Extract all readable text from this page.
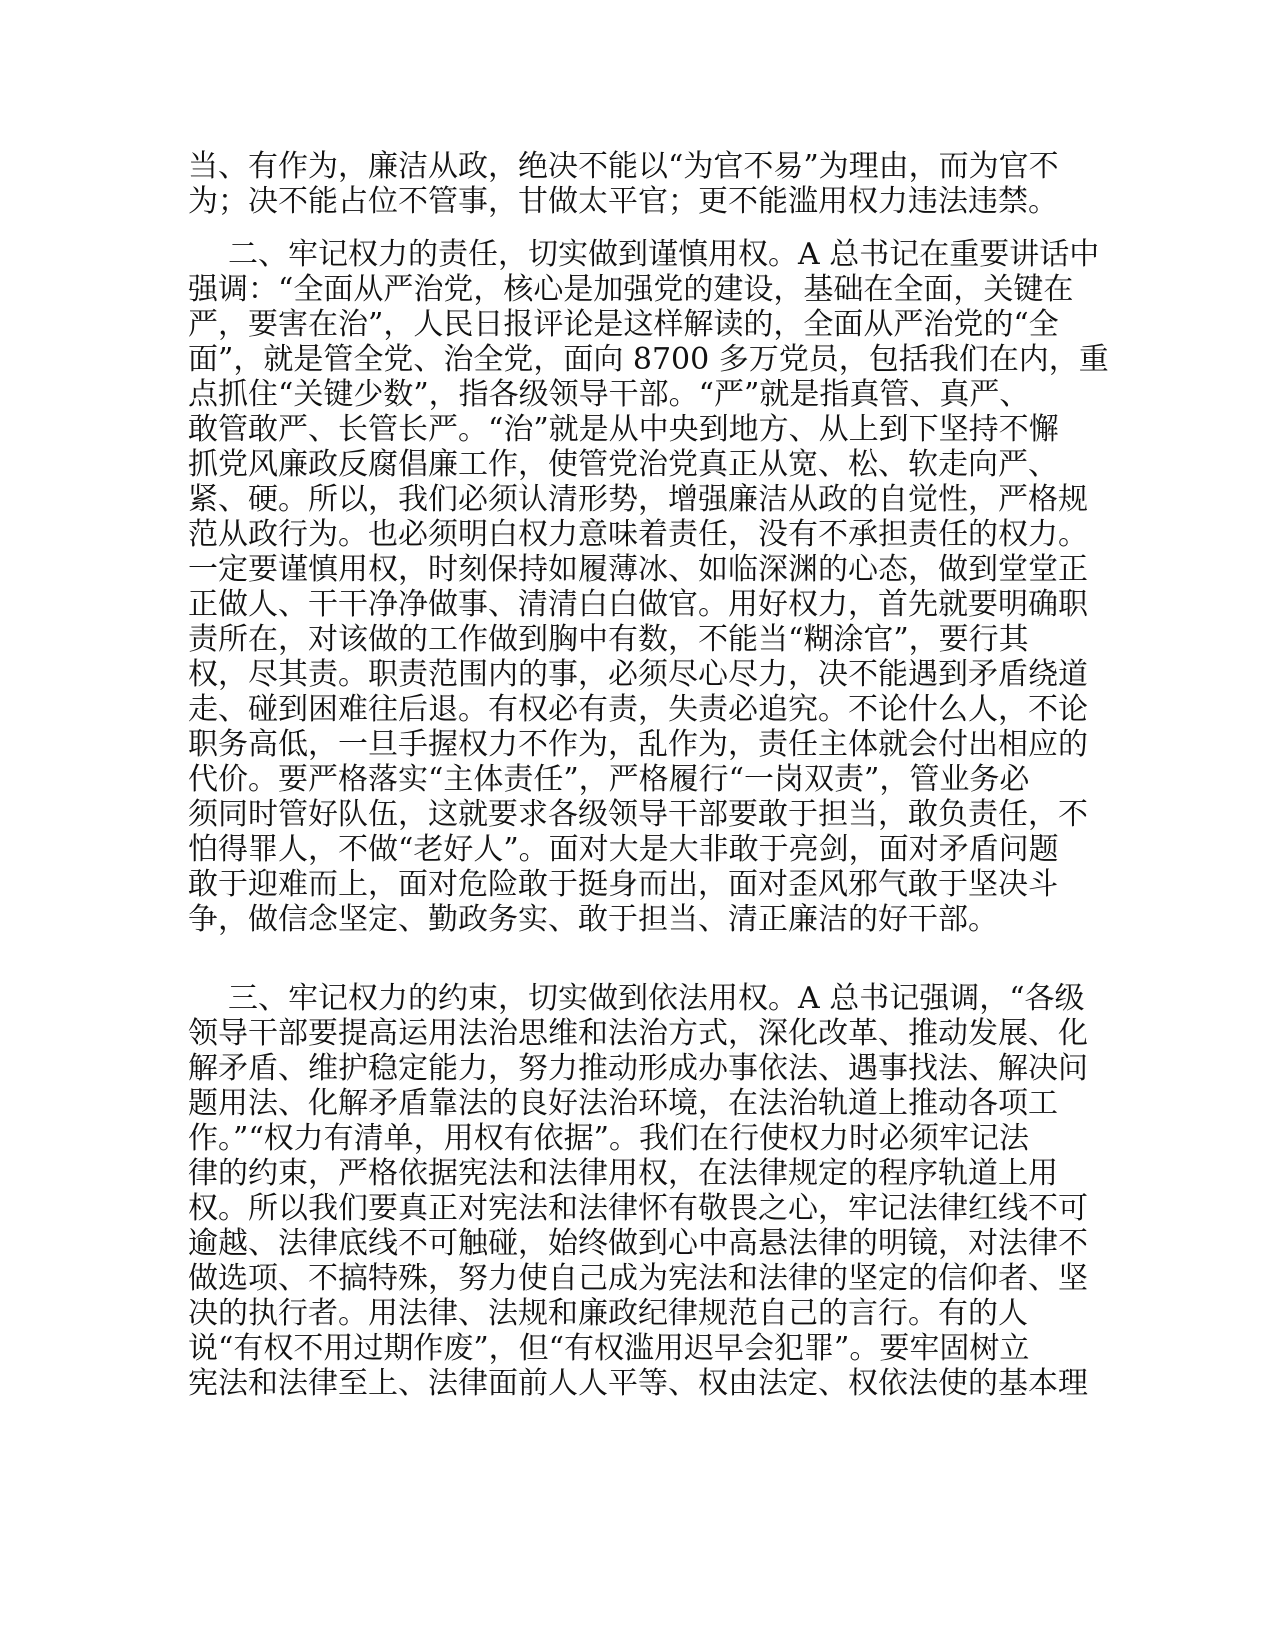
当、有作为，廉洁从政，绝决不能以“为官不易”为理由，而为官不
为；决不能占位不管事，甘做太平官；更不能滥用权力违法违禁。
二、牢记权力的责任，切实做到谨慎用权。A 总书记在重要讲话中
强调：“全面从严治党，核心是加强党的建设，基础在全面，关键在
严，要害在治”，人民日报评论是这样解读的，全面从严治党的“全
面”，就是管全党、治全党，面向 8700 多万党员，包括我们在内，重
点抓住“关键少数”，指各级领导干部。“严”就是指真管、真严、
敢管敢严、长管长严。“治”就是从中央到地方、从上到下坚持不懈
抓党风廉政反腐倡廉工作，使管党治党真正从宽、松、软走向严、
紧、硬。所以，我们必须认清形势，增强廉洁从政的自觉性，严格规
范从政行为。也必须明白权力意味着责任，没有不承担责任的权力。
一定要谨慎用权，时刻保持如履薄冰、如临深渊的心态，做到堂堂正
正做人、干干净净做事、清清白白做官。用好权力，首先就要明确职
责所在，对该做的工作做到胸中有数，不能当“糊涂官”，要行其
权，尽其责。职责范围内的事，必须尽心尽力，决不能遇到矛盾绕道
走、碰到困难往后退。有权必有责，失责必追究。不论什么人，不论
职务高低，一旦手握权力不作为，乱作为，责任主体就会付出相应的
代价。要严格落实“主体责任”，严格履行“一岗双责”，管业务必
须同时管好队伍，这就要求各级领导干部要敢于担当，敢负责任，不
怕得罪人，不做“老好人”。面对大是大非敢于亮剑，面对矛盾问题
敢于迎难而上，面对危险敢于挺身而出，面对歪风邪气敢于坚决斗
争，做信念坚定、勤政务实、敢于担当、清正廉洁的好干部。
三、牢记权力的约束，切实做到依法用权。A 总书记强调，“各级
领导干部要提高运用法治思维和法治方式，深化改革、推动发展、化
解矛盾、维护稳定能力，努力推动形成办事依法、遇事找法、解决问
题用法、化解矛盾靠法的良好法治环境，在法治轨道上推动各项工
作。”“权力有清单，用权有依据”。我们在行使权力时必须牢记法
律的约束，严格依据宪法和法律用权，在法律规定的程序轨道上用
权。所以我们要真正对宪法和法律怀有敬畏之心，牢记法律红线不可
逾越、法律底线不可触碰，始终做到心中高悬法律的明镜，对法律不
做选项、不搞特殊，努力使自己成为宪法和法律的坚定的信仰者、坚
决的执行者。用法律、法规和廉政纪律规范自己的言行。有的人
说“有权不用过期作废”，但“有权滥用迟早会犯罪”。要牢固树立
宪法和法律至上、法律面前人人平等、权由法定、权依法使的基本理
